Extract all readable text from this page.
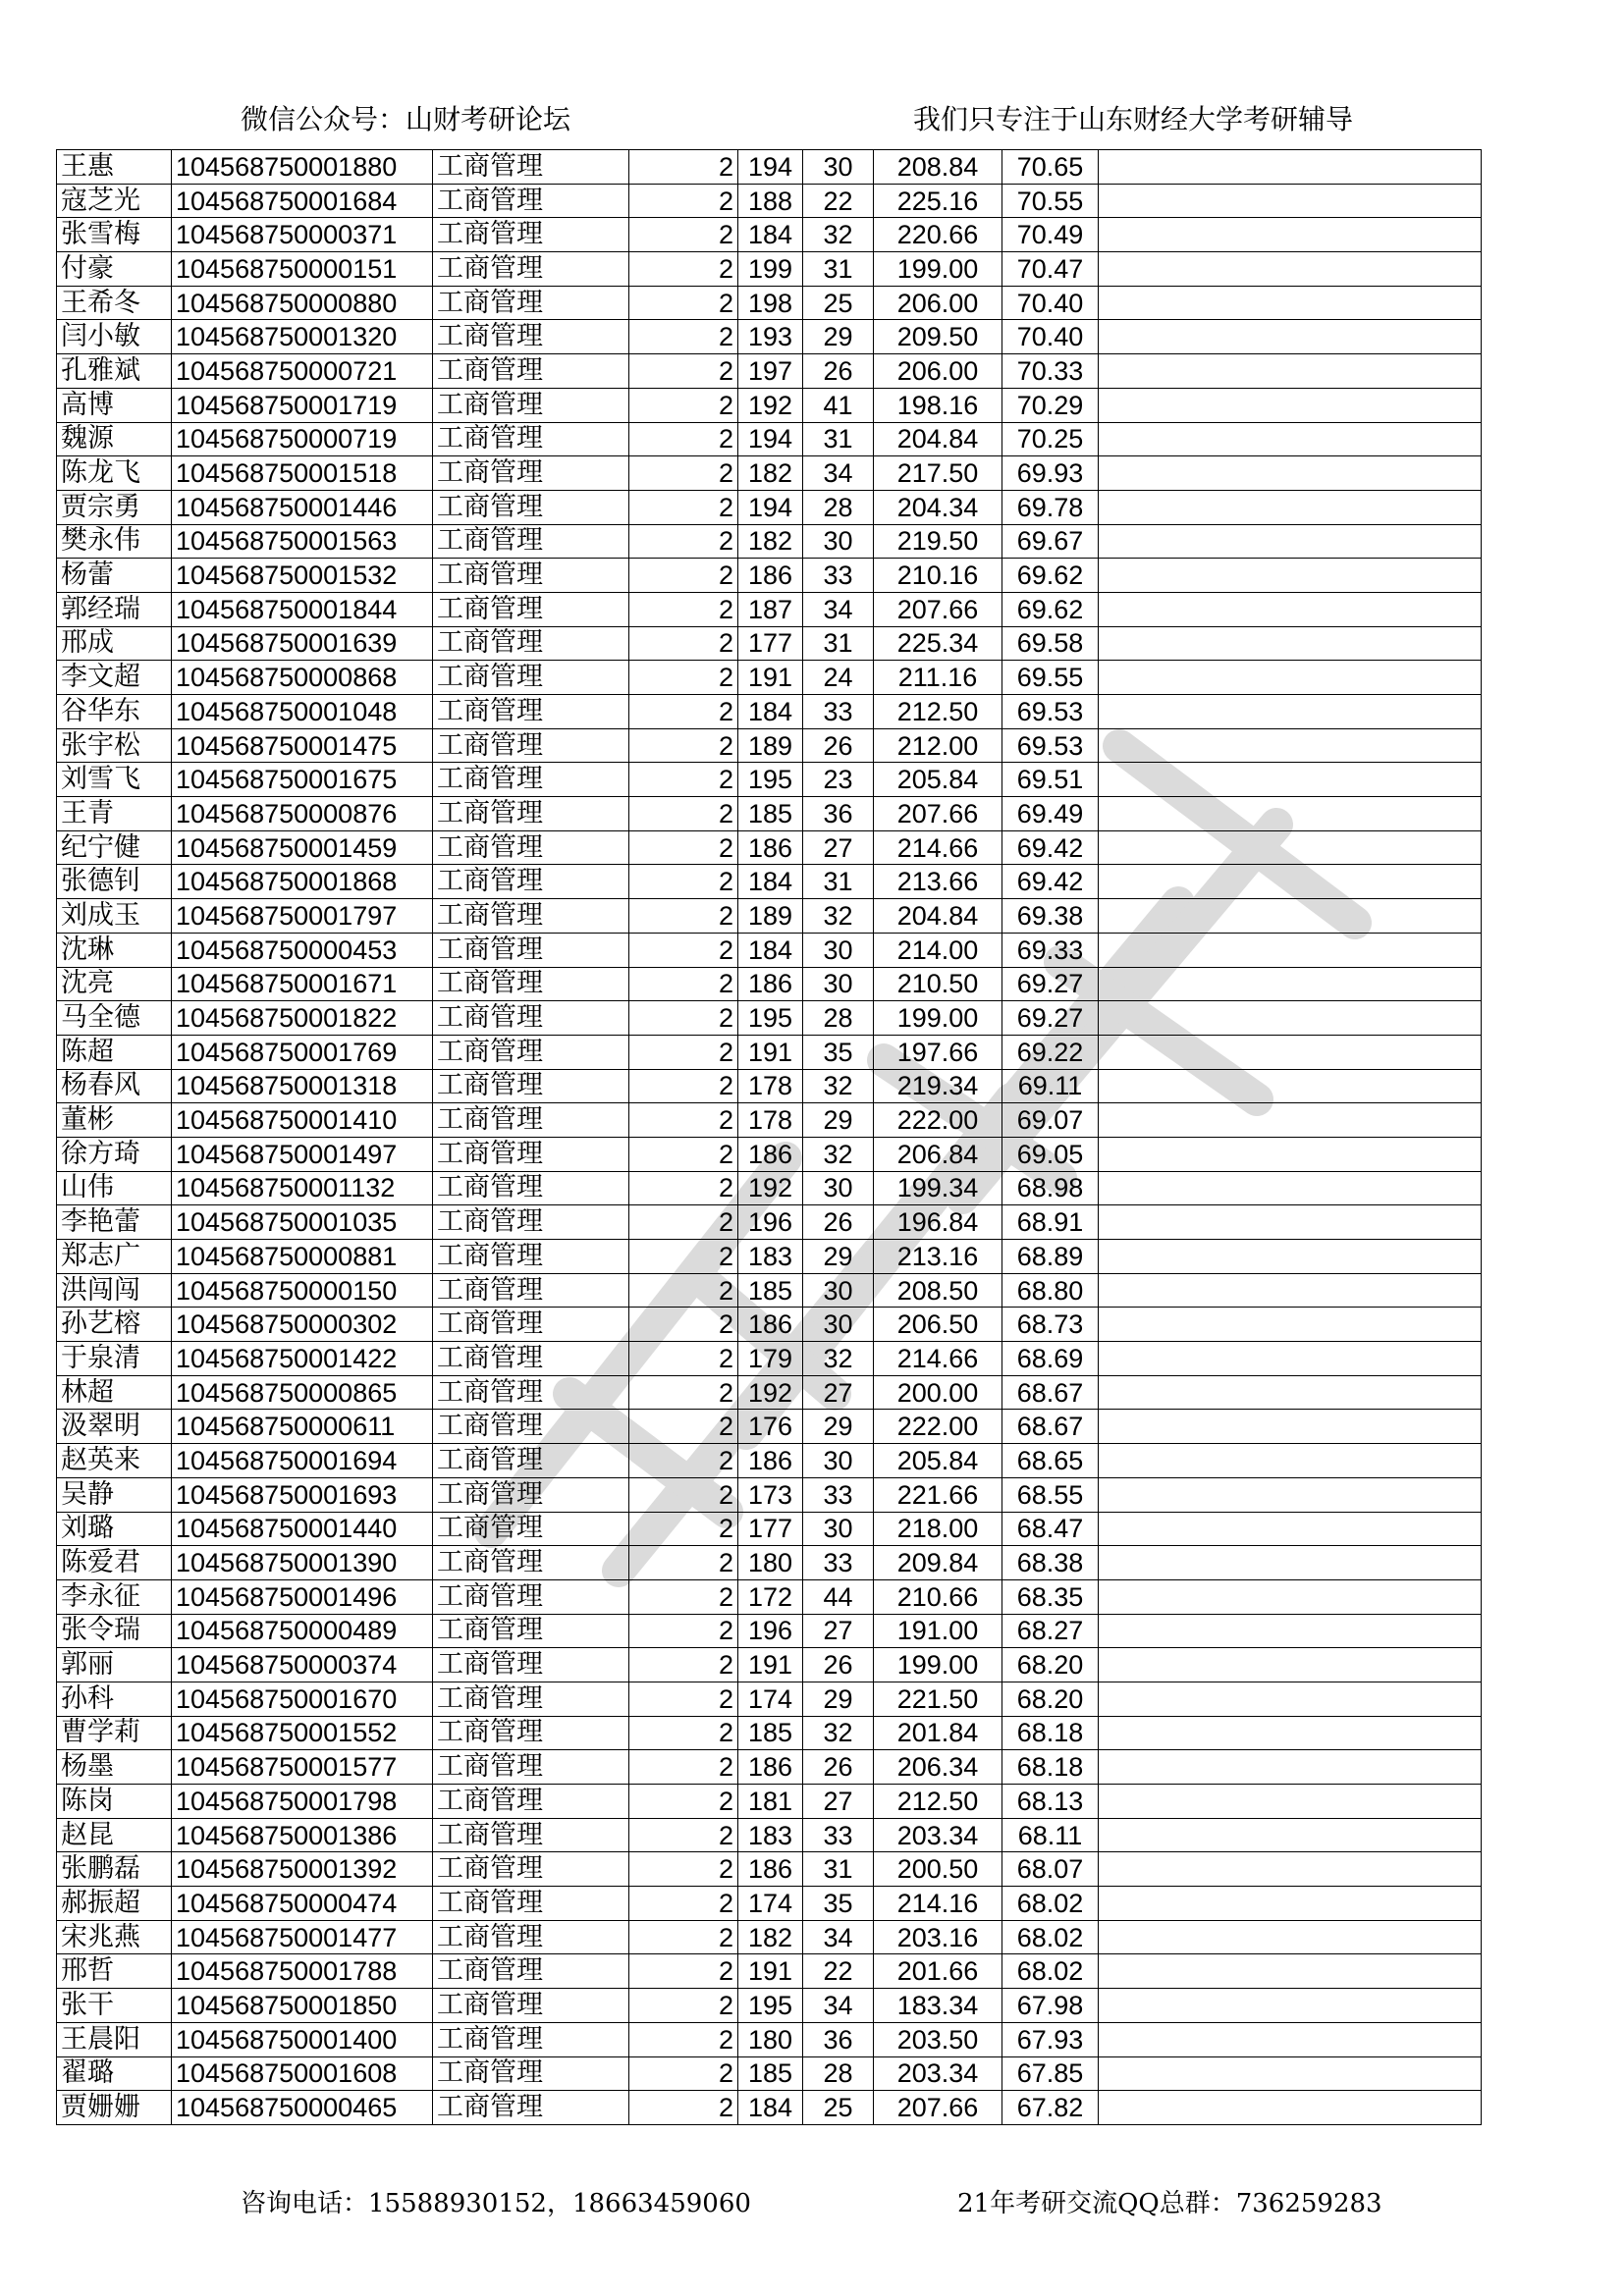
微信公众号：山财考研论坛	我们只专注于山东财经大学考研辅导
王惠	104568750001880	工商管理	2	194	30	208.84	70.65	
寇芝光	104568750001684	工商管理	2	188	22	225.16	70.55	
张雪梅	104568750000371	工商管理	2	184	32	220.66	70.49	
付豪	104568750000151	工商管理	2	199	31	199.00	70.47	
王希冬	104568750000880	工商管理	2	198	25	206.00	70.40	
闫小敏	104568750001320	工商管理	2	193	29	209.50	70.40	
孔雅斌	104568750000721	工商管理	2	197	26	206.00	70.33	
高博	104568750001719	工商管理	2	192	41	198.16	70.29	
魏源	104568750000719	工商管理	2	194	31	204.84	70.25	
陈龙飞	104568750001518	工商管理	2	182	34	217.50	69.93	
贾宗勇	104568750001446	工商管理	2	194	28	204.34	69.78	
樊永伟	104568750001563	工商管理	2	182	30	219.50	69.67	
杨蕾	104568750001532	工商管理	2	186	33	210.16	69.62	
郭经瑞	104568750001844	工商管理	2	187	34	207.66	69.62	
邢成	104568750001639	工商管理	2	177	31	225.34	69.58	
李文超	104568750000868	工商管理	2	191	24	211.16	69.55	
谷华东	104568750001048	工商管理	2	184	33	212.50	69.53	
张宇松	104568750001475	工商管理	2	189	26	212.00	69.53	
刘雪飞	104568750001675	工商管理	2	195	23	205.84	69.51	
王青	104568750000876	工商管理	2	185	36	207.66	69.49	
纪宁健	104568750001459	工商管理	2	186	27	214.66	69.42	
张德钊	104568750001868	工商管理	2	184	31	213.66	69.42	
刘成玉	104568750001797	工商管理	2	189	32	204.84	69.38	
沈琳	104568750000453	工商管理	2	184	30	214.00	69.33	
沈亮	104568750001671	工商管理	2	186	30	210.50	69.27	
马全德	104568750001822	工商管理	2	195	28	199.00	69.27	
陈超	104568750001769	工商管理	2	191	35	197.66	69.22	
杨春风	104568750001318	工商管理	2	178	32	219.34	69.11	
董彬	104568750001410	工商管理	2	178	29	222.00	69.07	
徐方琦	104568750001497	工商管理	2	186	32	206.84	69.05	
山伟	104568750001132	工商管理	2	192	30	199.34	68.98	
李艳蕾	104568750001035	工商管理	2	196	26	196.84	68.91	
郑志广	104568750000881	工商管理	2	183	29	213.16	68.89	
洪闯闯	104568750000150	工商管理	2	185	30	208.50	68.80	
孙艺榕	104568750000302	工商管理	2	186	30	206.50	68.73	
于泉清	104568750001422	工商管理	2	179	32	214.66	68.69	
林超	104568750000865	工商管理	2	192	27	200.00	68.67	
汲翠明	104568750000611	工商管理	2	176	29	222.00	68.67	
赵英来	104568750001694	工商管理	2	186	30	205.84	68.65	
吴静	104568750001693	工商管理	2	173	33	221.66	68.55	
刘璐	104568750001440	工商管理	2	177	30	218.00	68.47	
陈爱君	104568750001390	工商管理	2	180	33	209.84	68.38	
李永征	104568750001496	工商管理	2	172	44	210.66	68.35	
张令瑞	104568750000489	工商管理	2	196	27	191.00	68.27	
郭丽	104568750000374	工商管理	2	191	26	199.00	68.20	
孙科	104568750001670	工商管理	2	174	29	221.50	68.20	
曹学莉	104568750001552	工商管理	2	185	32	201.84	68.18	
杨墨	104568750001577	工商管理	2	186	26	206.34	68.18	
陈岗	104568750001798	工商管理	2	181	27	212.50	68.13	
赵昆	104568750001386	工商管理	2	183	33	203.34	68.11	
张鹏磊	104568750001392	工商管理	2	186	31	200.50	68.07	
郝振超	104568750000474	工商管理	2	174	35	214.16	68.02	
宋兆燕	104568750001477	工商管理	2	182	34	203.16	68.02	
邢哲	104568750001788	工商管理	2	191	22	201.66	68.02	
张干	104568750001850	工商管理	2	195	34	183.34	67.98	
王晨阳	104568750001400	工商管理	2	180	36	203.50	67.93	
翟璐	104568750001608	工商管理	2	185	28	203.34	67.85	
贾姗姗	104568750000465	工商管理	2	184	25	207.66	67.82	
咨询电话：15588930152，18663459060	21年考研交流QQ总群：736259283
